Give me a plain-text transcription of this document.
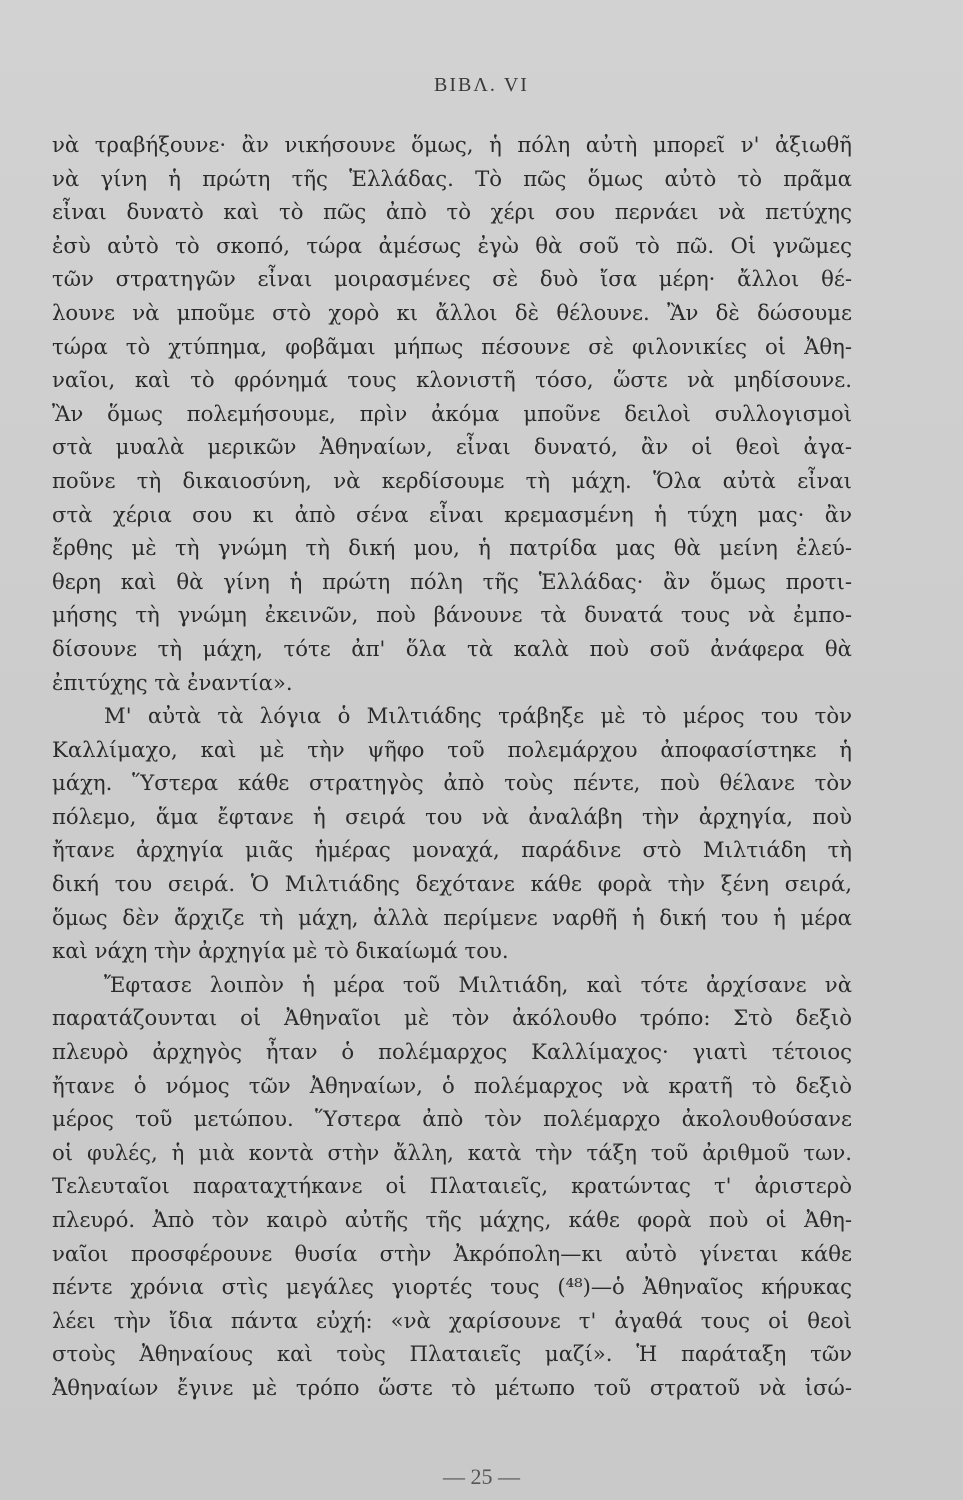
ΒΙΒΛ. VI
νὰ τραβήξουνε· ἂν νικήσουνε ὅμως, ἡ πόλη αὐτὴ μπορεῖ ν' ἀξιωθῆ
νὰ γίνη ἡ πρώτη τῆς Ἑλλάδας. Τὸ πῶς ὅμως αὐτὸ τὸ πρᾶμα
εἶναι δυνατὸ καὶ τὸ πῶς ἀπὸ τὸ χέρι σου περνάει νὰ πετύχης
ἐσὺ αὐτὸ τὸ σκοπό, τώρα ἀμέσως ἐγὼ θὰ σοῦ τὸ πῶ. Οἱ γνῶμες
τῶν στρατηγῶν εἶναι μοιρασμένες σὲ δυὸ ἴσα μέρη· ἄλλοι θέ-
λουνε νὰ μποῦμε στὸ χορὸ κι ἄλλοι δὲ θέλουνε. Ἂν δὲ δώσουμε
τώρα τὸ χτύπημα, φοβᾶμαι μήπως πέσουνε σὲ φιλονικίες οἱ Ἀθη-
ναῖοι, καὶ τὸ φρόνημά τους κλονιστῆ τόσο, ὥστε νὰ μηδίσουνε.
Ἂν ὅμως πολεμήσουμε, πρὶν ἀκόμα μποῦνε δειλοὶ συλλογισμοὶ
στὰ μυαλὰ μερικῶν Ἀθηναίων, εἶναι δυνατό, ἂν οἱ θεοὶ ἀγα-
ποῦνε τὴ δικαιοσύνη, νὰ κερδίσουμε τὴ μάχη. Ὅλα αὐτὰ εἶναι
στὰ χέρια σου κι ἀπὸ σένα εἶναι κρεμασμένη ἡ τύχη μας· ἂν
ἔρθης μὲ τὴ γνώμη τὴ δική μου, ἡ πατρίδα μας θὰ μείνη ἐλεύ-
θερη καὶ θὰ γίνη ἡ πρώτη πόλη τῆς Ἑλλάδας· ἂν ὅμως προτι-
μήσης τὴ γνώμη ἐκεινῶν, ποὺ βάνουνε τὰ δυνατά τους νὰ ἐμπο-
δίσουνε τὴ μάχη, τότε ἀπ' ὅλα τὰ καλὰ ποὺ σοῦ ἀνάφερα θὰ
ἐπιτύχης τὰ ἐναντία».
Μ' αὐτὰ τὰ λόγια ὁ Μιλτιάδης τράβηξε μὲ τὸ μέρος του τὸν
Καλλίμαχο, καὶ μὲ τὴν ψῆφο τοῦ πολεμάρχου ἀποφασίστηκε ἡ
μάχη. Ὕστερα κάθε στρατηγὸς ἀπὸ τοὺς πέντε, ποὺ θέλανε τὸν
πόλεμο, ἅμα ἔφτανε ἡ σειρά του νὰ ἀναλάβη τὴν ἀρχηγία, ποὺ
ἤτανε ἀρχηγία μιᾶς ἡμέρας μοναχά, παράδινε στὸ Μιλτιάδη τὴ
δική του σειρά. Ὁ Μιλτιάδης δεχότανε κάθε φορὰ τὴν ξένη σειρά,
ὅμως δὲν ἄρχιζε τὴ μάχη, ἀλλὰ περίμενε ναρθῆ ἡ δική του ἡ μέρα
καὶ νάχη τὴν ἀρχηγία μὲ τὸ δικαίωμά του.
Ἔφτασε λοιπὸν ἡ μέρα τοῦ Μιλτιάδη, καὶ τότε ἀρχίσανε νὰ
παρατάζουνται οἱ Ἀθηναῖοι μὲ τὸν ἀκόλουθο τρόπο: Στὸ δεξιὸ
πλευρὸ ἀρχηγὸς ἦταν ὁ πολέμαρχος Καλλίμαχος· γιατὶ τέτοιος
ἤτανε ὁ νόμος τῶν Ἀθηναίων, ὁ πολέμαρχος νὰ κρατῆ τὸ δεξιὸ
μέρος τοῦ μετώπου. Ὕστερα ἀπὸ τὸν πολέμαρχο ἀκολουθούσανε
οἱ φυλές, ἡ μιὰ κοντὰ στὴν ἄλλη, κατὰ τὴν τάξη τοῦ ἀριθμοῦ των.
Τελευταῖοι παραταχτήκανε οἱ Πλαταιεῖς, κρατώντας τ' ἀριστερὸ
πλευρό. Ἀπὸ τὸν καιρὸ αὐτῆς τῆς μάχης, κάθε φορὰ ποὺ οἱ Ἀθη-
ναῖοι προσφέρουνε θυσία στὴν Ἀκρόπολη—κι αὐτὸ γίνεται κάθε
πέντε χρόνια στὶς μεγάλες γιορτές τους (⁴⁸)—ὁ Ἀθηναῖος κήρυκας
λέει τὴν ἴδια πάντα εὐχή: «νὰ χαρίσουνε τ' ἀγαθά τους οἱ θεοὶ
στοὺς Ἀθηναίους καὶ τοὺς Πλαταιεῖς μαζί». Ἡ παράταξη τῶν
Ἀθηναίων ἔγινε μὲ τρόπο ὥστε τὸ μέτωπο τοῦ στρατοῦ νὰ ἰσώ-
— 25 —
